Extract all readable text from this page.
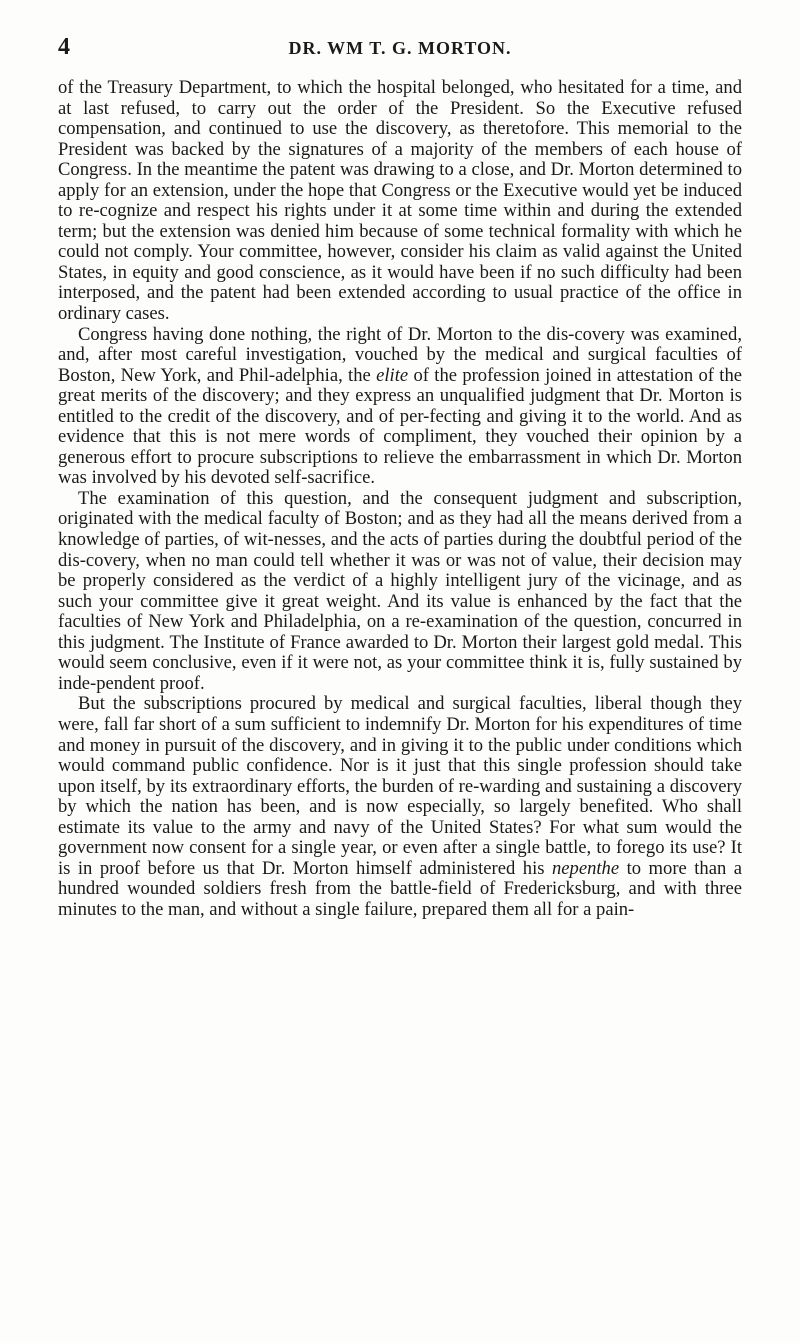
4	DR. WM T. G. MORTON.

of the Treasury Department, to which the hospital belonged, who hesitated for a time, and at last refused, to carry out the order of the President. So the Executive refused compensation, and continued to use the discovery, as theretofore. This memorial to the President was backed by the signatures of a majority of the members of each house of Congress. In the meantime the patent was drawing to a close, and Dr. Morton determined to apply for an extension, under the hope that Congress or the Executive would yet be induced to re-cognize and respect his rights under it at some time within and during the extended term; but the extension was denied him because of some technical formality with which he could not comply. Your committee, however, consider his claim as valid against the United States, in equity and good conscience, as it would have been if no such difficulty had been interposed, and the patent had been extended according to usual practice of the office in ordinary cases.

Congress having done nothing, the right of Dr. Morton to the dis-covery was examined, and, after most careful investigation, vouched by the medical and surgical faculties of Boston, New York, and Phil-adelphia, the elite of the profession joined in attestation of the great merits of the discovery; and they express an unqualified judgment that Dr. Morton is entitled to the credit of the discovery, and of per-fecting and giving it to the world. And as evidence that this is not mere words of compliment, they vouched their opinion by a generous effort to procure subscriptions to relieve the embarrassment in which Dr. Morton was involved by his devoted self-sacrifice.

The examination of this question, and the consequent judgment and subscription, originated with the medical faculty of Boston; and as they had all the means derived from a knowledge of parties, of wit-nesses, and the acts of parties during the doubtful period of the dis-covery, when no man could tell whether it was or was not of value, their decision may be properly considered as the verdict of a highly intelligent jury of the vicinage, and as such your committee give it great weight. And its value is enhanced by the fact that the faculties of New York and Philadelphia, on a re-examination of the question, concurred in this judgment. The Institute of France awarded to Dr. Morton their largest gold medal. This would seem conclusive, even if it were not, as your committee think it is, fully sustained by inde-pendent proof.

But the subscriptions procured by medical and surgical faculties, liberal though they were, fall far short of a sum sufficient to indemnify Dr. Morton for his expenditures of time and money in pursuit of the discovery, and in giving it to the public under conditions which would command public confidence. Nor is it just that this single profession should take upon itself, by its extraordinary efforts, the burden of re-warding and sustaining a discovery by which the nation has been, and is now especially, so largely benefited. Who shall estimate its value to the army and navy of the United States? For what sum would the government now consent for a single year, or even after a single battle, to forego its use? It is in proof before us that Dr. Morton himself administered his nepenthe to more than a hundred wounded soldiers fresh from the battle-field of Fredericksburg, and with three minutes to the man, and without a single failure, prepared them all for a pain-
